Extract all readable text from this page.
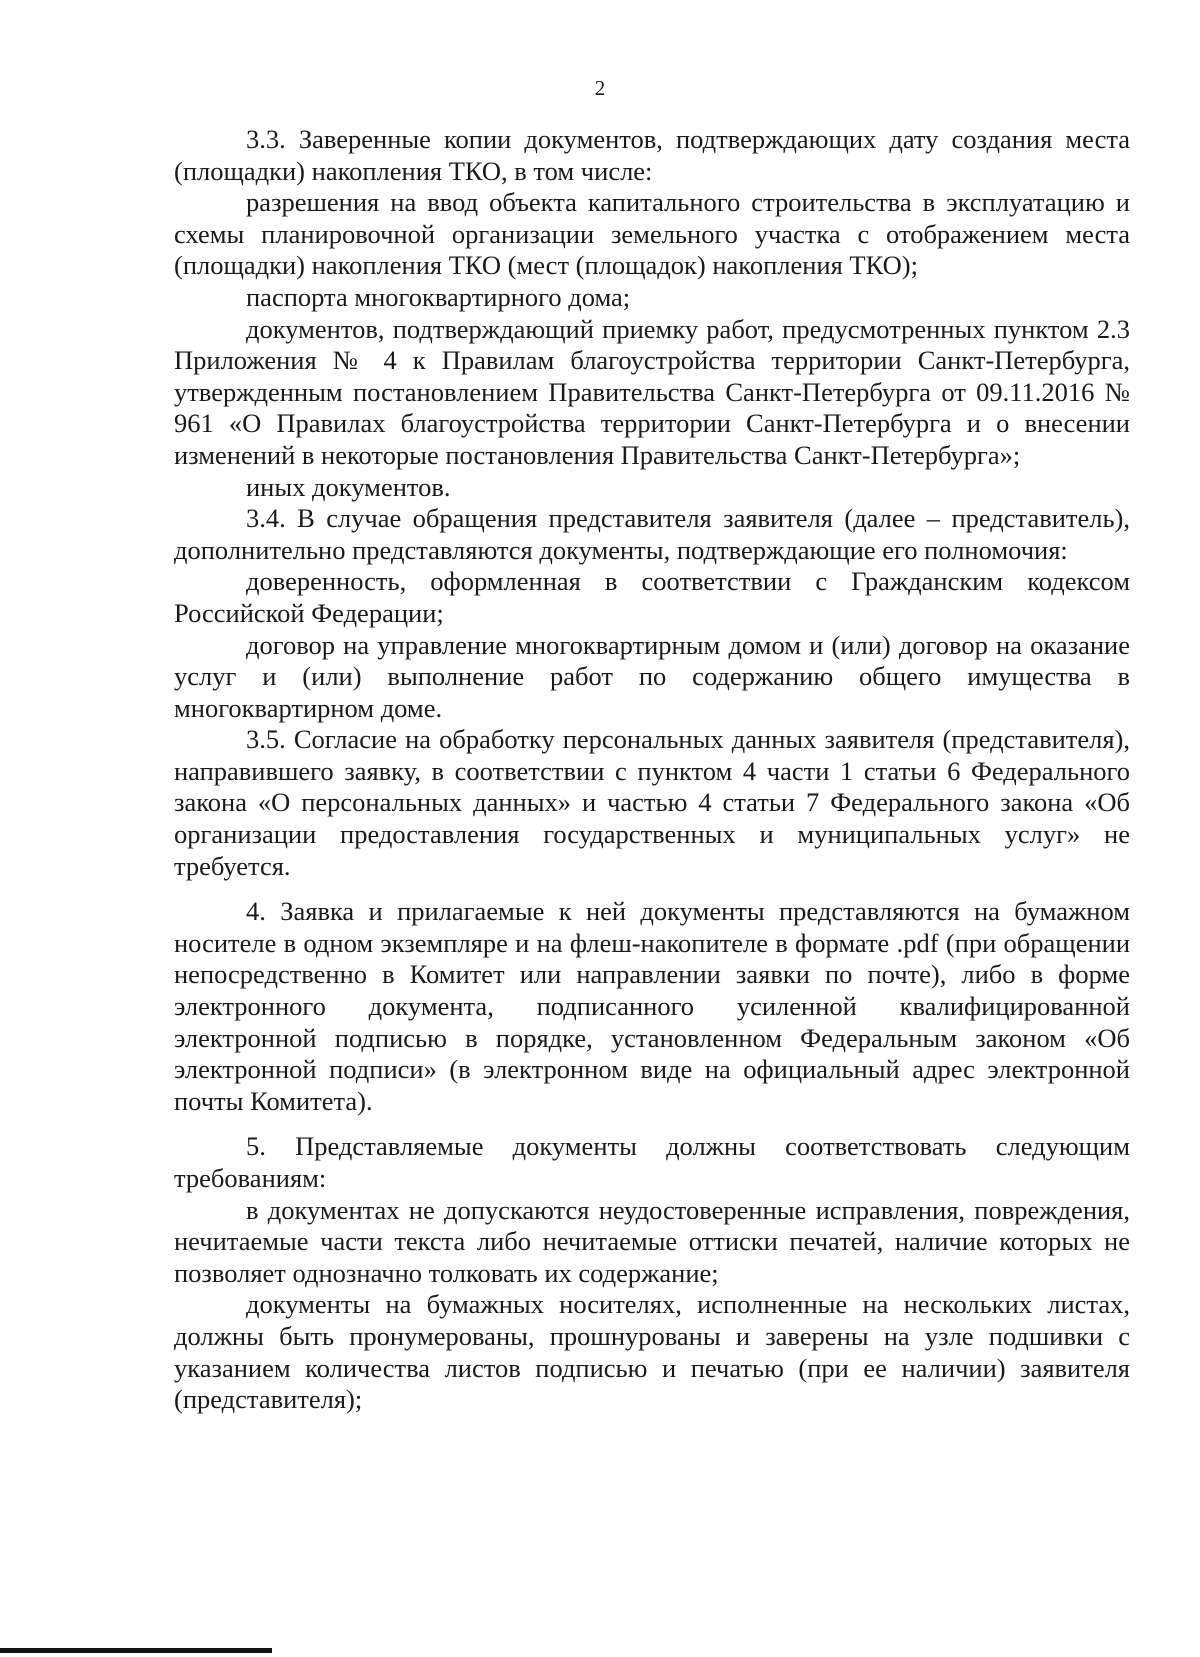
2

3.3. Заверенные копии документов, подтверждающих дату создания места (площадки) накопления ТКО, в том числе:

разрешения на ввод объекта капитального строительства в эксплуатацию и схемы планировочной организации земельного участка с отображением места (площадки) накопления ТКО (мест (площадок) накопления ТКО);

паспорта многоквартирного дома;

документов, подтверждающий приемку работ, предусмотренных пунктом 2.3 Приложения № 4 к Правилам благоустройства территории Санкт-Петербурга, утвержденным постановлением Правительства Санкт-Петербурга от 09.11.2016 № 961 «О Правилах благоустройства территории Санкт-Петербурга и о внесении изменений в некоторые постановления Правительства Санкт-Петербурга»;

иных документов.

3.4. В случае обращения представителя заявителя (далее – представитель), дополнительно представляются документы, подтверждающие его полномочия:

доверенность, оформленная в соответствии с Гражданским кодексом Российской Федерации;

договор на управление многоквартирным домом и (или) договор на оказание услуг и (или) выполнение работ по содержанию общего имущества в многоквартирном доме.

3.5. Согласие на обработку персональных данных заявителя (представителя), направившего заявку, в соответствии с пунктом 4 части 1 статьи 6 Федерального закона «О персональных данных» и частью 4 статьи 7 Федерального закона «Об организации предоставления государственных и муниципальных услуг» не требуется.

4. Заявка и прилагаемые к ней документы представляются на бумажном носителе в одном экземпляре и на флеш-накопителе в формате .pdf (при обращении непосредственно в Комитет или направлении заявки по почте), либо в форме электронного документа, подписанного усиленной квалифицированной электронной подписью в порядке, установленном Федеральным законом «Об электронной подписи» (в электронном виде на официальный адрес электронной почты Комитета).

5. Представляемые документы должны соответствовать следующим требованиям:

в документах не допускаются неудостоверенные исправления, повреждения, нечитаемые части текста либо нечитаемые оттиски печатей, наличие которых не позволяет однозначно толковать их содержание;

документы на бумажных носителях, исполненные на нескольких листах, должны быть пронумерованы, прошнурованы и заверены на узле подшивки с указанием количества листов подписью и печатью (при ее наличии) заявителя (представителя);
